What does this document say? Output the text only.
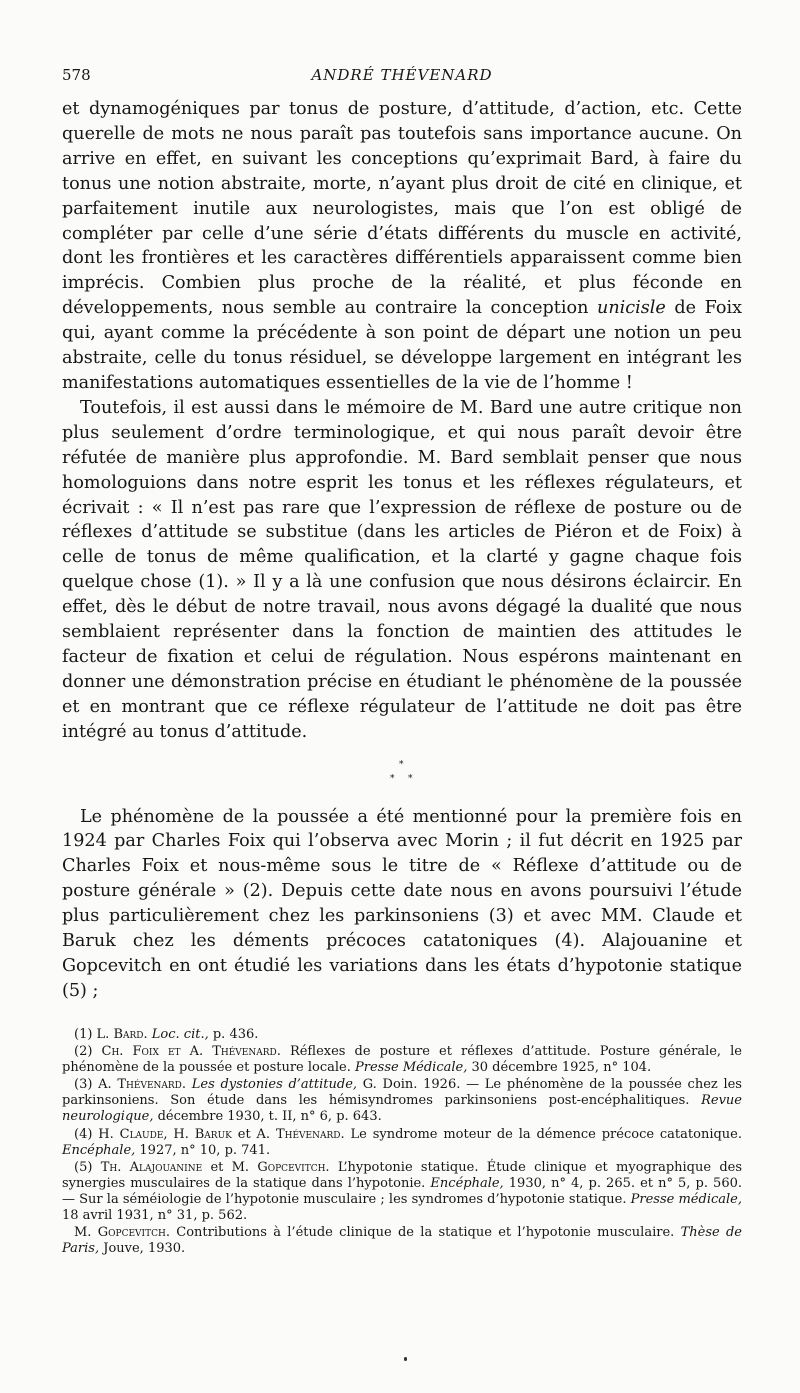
578	ANDRÉ THÉVENARD

et dynamogéniques par tonus de posture, d’attitude, d’action, etc. Cette querelle de mots ne nous paraît pas toutefois sans importance aucune. On arrive en effet, en suivant les conceptions qu’exprimait Bard, à faire du tonus une notion abstraite, morte, n’ayant plus droit de cité en clinique, et parfaitement inutile aux neurologistes, mais que l’on est obligé de compléter par celle d’une série d’états différents du muscle en activité, dont les frontières et les caractères différentiels apparaissent comme bien imprécis. Combien plus proche de la réalité, et plus féconde en développements, nous semble au contraire la conception unicisle de Foix qui, ayant comme la précédente à son point de départ une notion un peu abstraite, celle du tonus résiduel, se développe largement en intégrant les manifestations automatiques essentielles de la vie de l’homme !

Toutefois, il est aussi dans le mémoire de M. Bard une autre critique non plus seulement d’ordre terminologique, et qui nous paraît devoir être réfutée de manière plus approfondie. M. Bard semblait penser que nous homologuions dans notre esprit les tonus et les réflexes régulateurs, et écrivait : « Il n’est pas rare que l’expression de réflexe de posture ou de réflexes d’attitude se substitue (dans les articles de Piéron et de Foix) à celle de tonus de même qualification, et la clarté y gagne chaque fois quelque chose (1). » Il y a là une confusion que nous désirons éclaircir. En effet, dès le début de notre travail, nous avons dégagé la dualité que nous semblaient représenter dans la fonction de maintien des attitudes le facteur de fixation et celui de régulation. Nous espérons maintenant en donner une démonstration précise en étudiant le phénomène de la poussée et en montrant que ce réflexe régulateur de l’attitude ne doit pas être intégré au tonus d’attitude.

*
* *

Le phénomène de la poussée a été mentionné pour la première fois en 1924 par Charles Foix qui l’observa avec Morin ; il fut décrit en 1925 par Charles Foix et nous-même sous le titre de « Réflexe d’attitude ou de posture générale » (2). Depuis cette date nous en avons poursuivi l’étude plus particulièrement chez les parkinsoniens (3) et avec MM. Claude et Baruk chez les déments précoces catatoniques (4). Alajouanine et Gopcevitch en ont étudié les variations dans les états d’hypotonie statique (5) ;

(1) L. Bard. Loc. cit., p. 436.

(2) Ch. Foix et A. Thévenard. Réflexes de posture et réflexes d’attitude. Posture générale, le phénomène de la poussée et posture locale. Presse Médicale, 30 décembre 1925, n° 104.

(3) A. Thévenard. Les dystonies d’attitude, G. Doin. 1926. — Le phénomène de la poussée chez les parkinsoniens. Son étude dans les hémisyndromes parkinsoniens post-encéphalitiques. Revue neurologique, décembre 1930, t. II, n° 6, p. 643.

(4) H. Claude, H. Baruk et A. Thévenard. Le syndrome moteur de la démence précoce catatonique. Encéphale, 1927, n° 10, p. 741.

(5) Th. Alajouanine et M. Gopcevitch. L’hypotonie statique. Étude clinique et myographique des synergies musculaires de la statique dans l’hypotonie. Encéphale, 1930, n° 4, p. 265. et n° 5, p. 560. — Sur la séméiologie de l’hypotonie musculaire ; les syndromes d’hypotonie statique. Presse médicale, 18 avril 1931, n° 31, p. 562.

M. Gopcevitch. Contributions à l’étude clinique de la statique et l’hypotonie musculaire. Thèse de Paris, Jouve, 1930.
